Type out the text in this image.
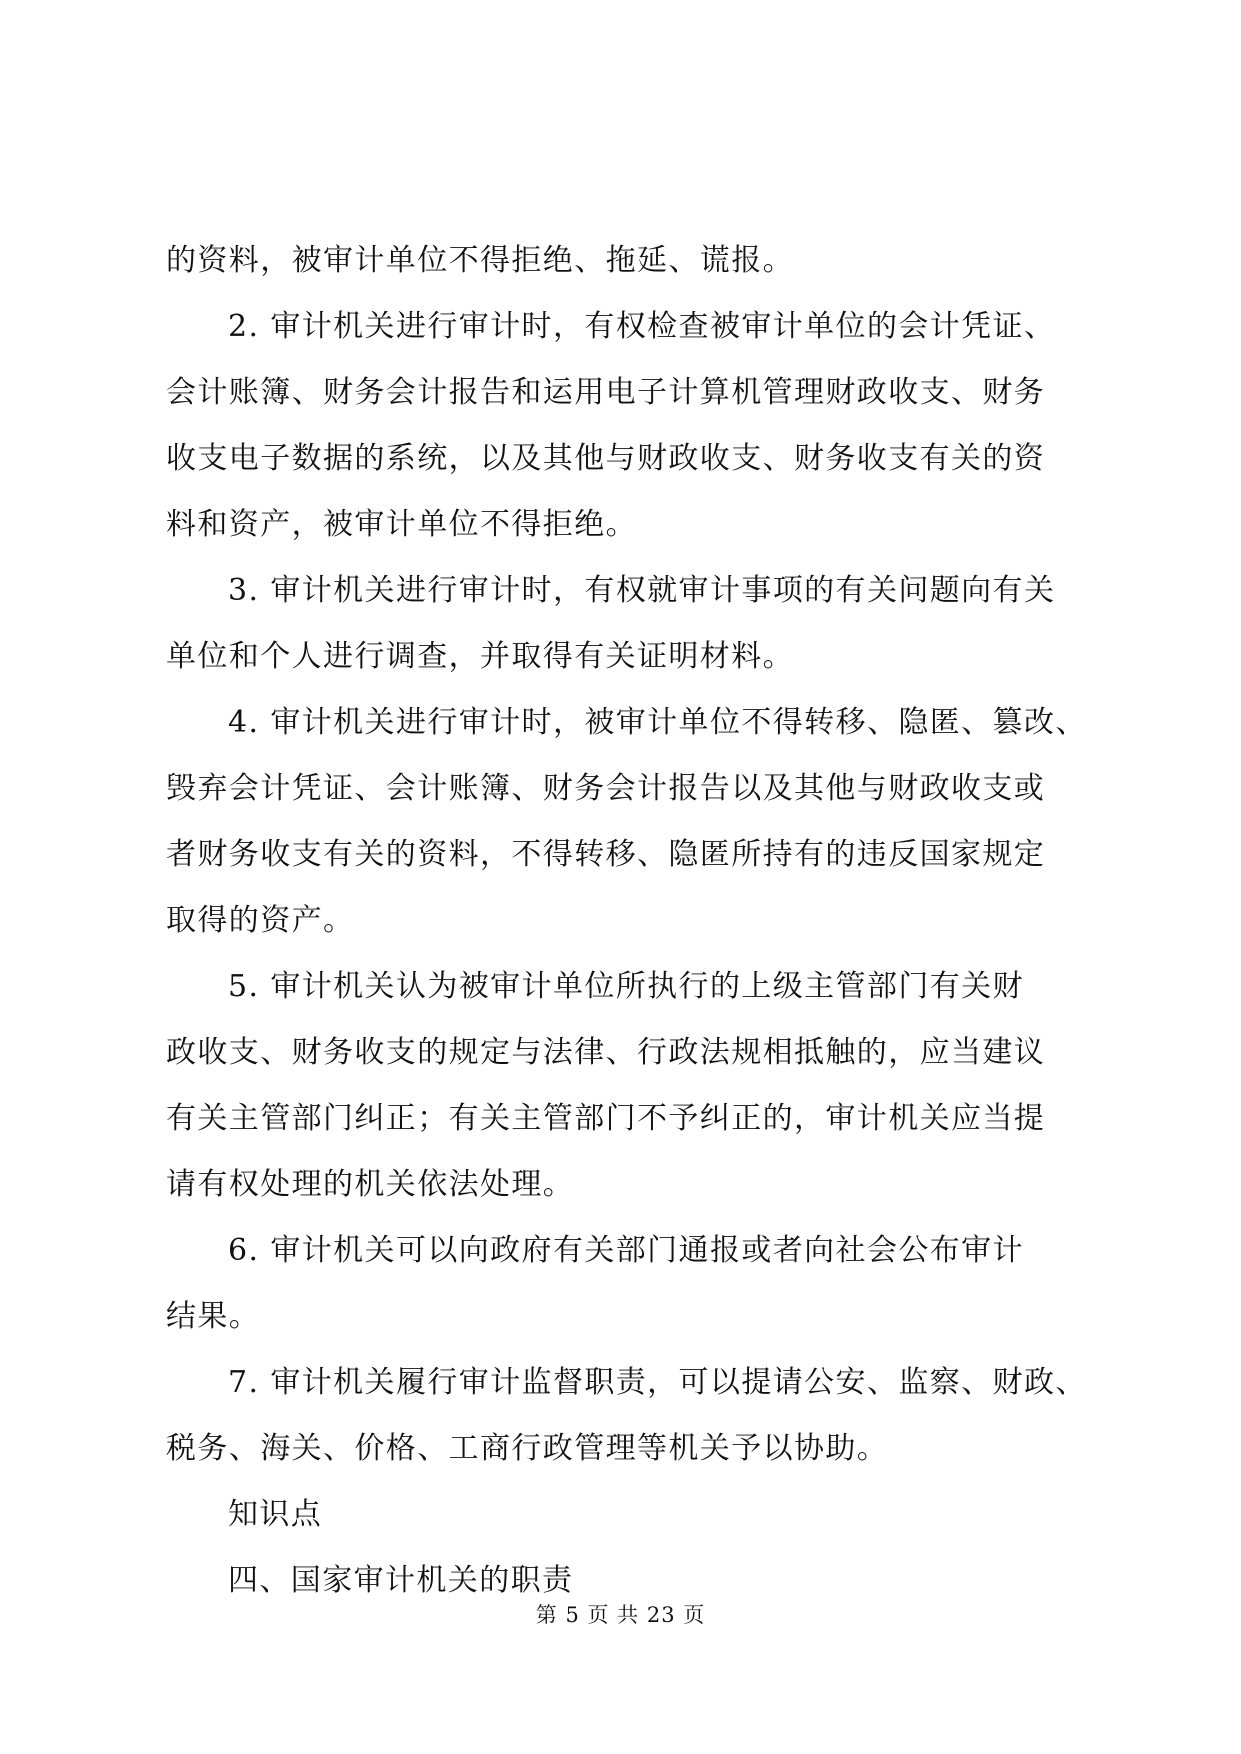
的资料，被审计单位不得拒绝、拖延、谎报。
2. 审计机关进行审计时，有权检查被审计单位的会计凭证、
会计账簿、财务会计报告和运用电子计算机管理财政收支、财务
收支电子数据的系统，以及其他与财政收支、财务收支有关的资
料和资产，被审计单位不得拒绝。
3. 审计机关进行审计时，有权就审计事项的有关问题向有关
单位和个人进行调查，并取得有关证明材料。
4. 审计机关进行审计时，被审计单位不得转移、隐匿、篡改、
毁弃会计凭证、会计账簿、财务会计报告以及其他与财政收支或
者财务收支有关的资料，不得转移、隐匿所持有的违反国家规定
取得的资产。
5. 审计机关认为被审计单位所执行的上级主管部门有关财
政收支、财务收支的规定与法律、行政法规相抵触的，应当建议
有关主管部门纠正；有关主管部门不予纠正的，审计机关应当提
请有权处理的机关依法处理。
6. 审计机关可以向政府有关部门通报或者向社会公布审计
结果。
7. 审计机关履行审计监督职责，可以提请公安、监察、财政、
税务、海关、价格、工商行政管理等机关予以协助。
知识点
四、国家审计机关的职责
第 5 页 共 23 页
